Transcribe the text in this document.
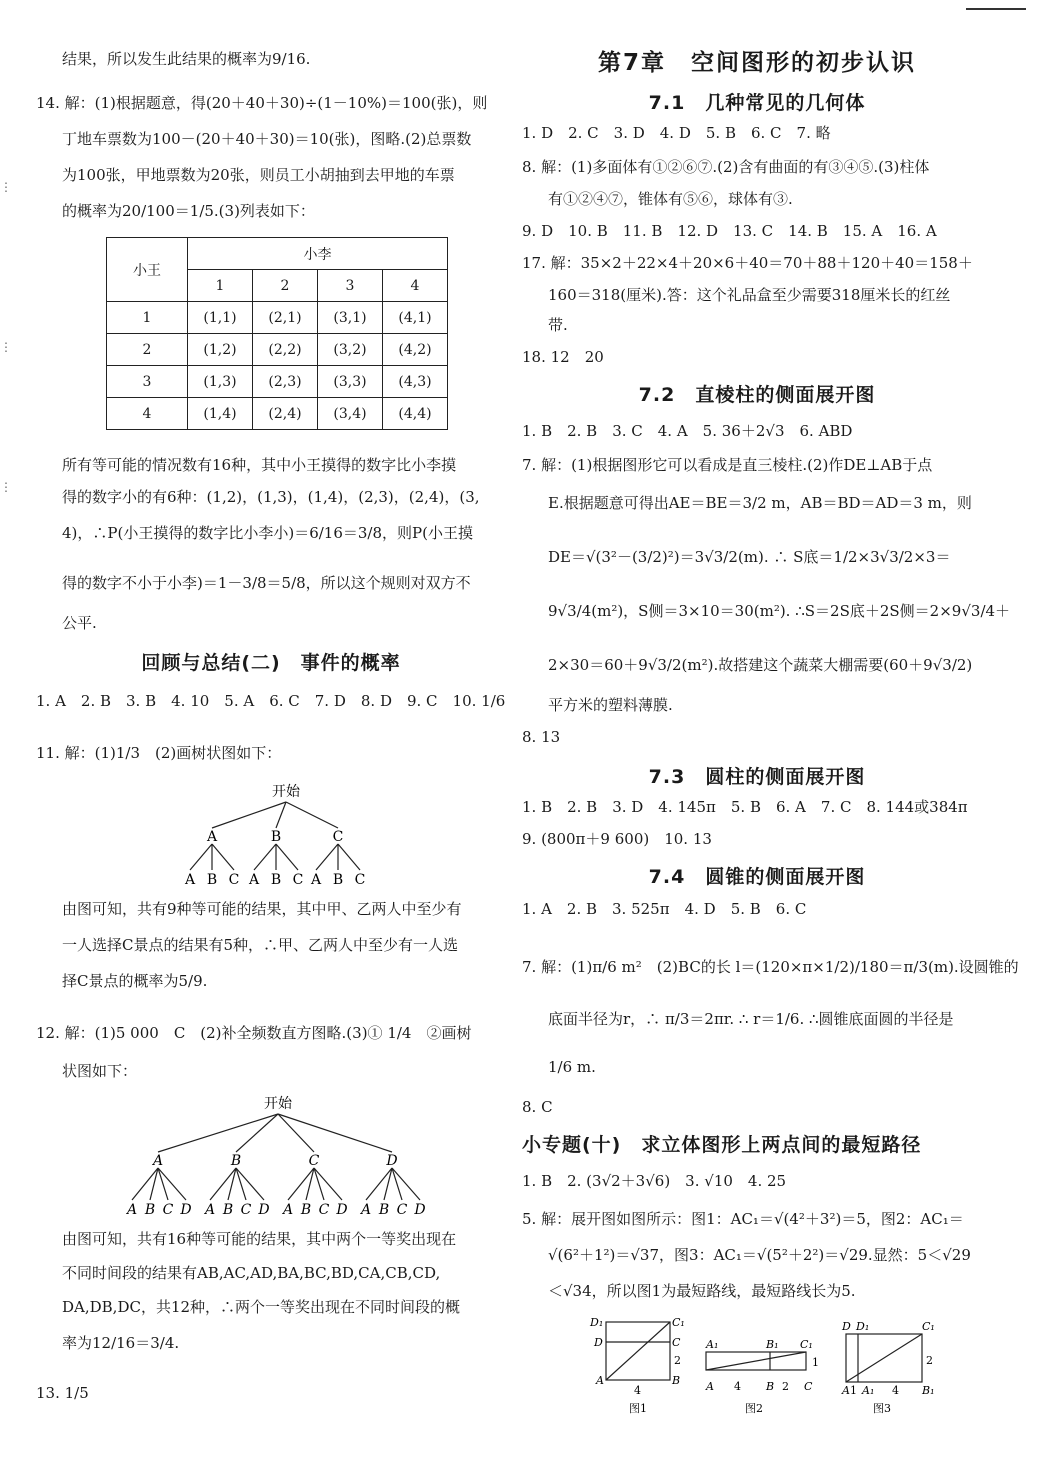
⋮
⋮
⋮
结果，所以发生此结果的概率为9/16.
14. 解：(1)根据题意，得(20＋40＋30)÷(1－10%)＝100(张)，则
丁地车票数为100－(20＋40＋30)＝10(张)，图略.(2)总票数
为100张，甲地票数为20张，则员工小胡抽到去甲地的车票
的概率为20/100＝1/5.(3)列表如下：
小王	小李			
	1	2	3	4
1	(1,1)	(2,1)	(3,1)	(4,1)
2	(1,2)	(2,2)	(3,2)	(4,2)
3	(1,3)	(2,3)	(3,3)	(4,3)
4	(1,4)	(2,4)	(3,4)	(4,4)
所有等可能的情况数有16种，其中小王摸得的数字比小李摸
得的数字小的有6种：(1,2)，(1,3)，(1,4)，(2,3)，(2,4)，(3,
4)，∴P(小王摸得的数字比小李小)＝6/16＝3/8，则P(小王摸
得的数字不小于小李)＝1－3/8＝5/8，所以这个规则对双方不
公平.
回顾与总结(二)　事件的概率
1. A　2. B　3. B　4. 10　5. A　6. C　7. D　8. D　9. C　10. 1/6
11. 解：(1)1/3　(2)画树状图如下：
开始
A	B	C
A B C A B C A B C
由图可知，共有9种等可能的结果，其中甲、乙两人中至少有
一人选择C景点的结果有5种，∴甲、乙两人中至少有一人选
择C景点的概率为5/9.
12. 解：(1)5 000　C　(2)补全频数直方图略.(3)① 1/4　②画树
状图如下：
开始
A	B	C	D
A B C D A B C D A B C D A B C D
由图可知，共有16种等可能的结果，其中两个一等奖出现在
不同时间段的结果有AB,AC,AD,BA,BC,BD,CA,CB,CD,
DA,DB,DC，共12种，∴两个一等奖出现在不同时间段的概
率为12/16＝3/4.
13. 1/5
第7章　空间图形的初步认识
7.1　几种常见的几何体
1. D　2. C　3. D　4. D　5. B　6. C　7. 略
8. 解：(1)多面体有①②⑥⑦.(2)含有曲面的有③④⑤.(3)柱体
有①②④⑦，锥体有⑤⑥，球体有③.
9. D　10. B　11. B　12. D　13. C　14. B　15. A　16. A
17. 解：35×2＋22×4＋20×6＋40＝70＋88＋120＋40＝158＋
160＝318(厘米).答：这个礼品盒至少需要318厘米长的红丝
带.
18. 12　20
7.2　直棱柱的侧面展开图
1. B　2. B　3. C　4. A　5. 36＋2√3　6. ABD
7. 解：(1)根据图形它可以看成是直三棱柱.(2)作DE⊥AB于点
E.根据题意可得出AE＝BE＝3/2 m，AB＝BD＝AD＝3 m，则
DE＝√(3²－(3/2)²)＝3√3/2(m). ∴ S底＝1/2×3√3/2×3＝
9√3/4(m²)，S侧＝3×10＝30(m²). ∴S＝2S底＋2S侧＝2×9√3/4＋
2×30＝60＋9√3/2(m²).故搭建这个蔬菜大棚需要(60＋9√3/2)
平方米的塑料薄膜.
8. 13
7.3　圆柱的侧面展开图
1. B　2. B　3. D　4. 145π　5. B　6. A　7. C　8. 144或384π
9. (800π＋9 600)　10. 13
7.4　圆锥的侧面展开图
1. A　2. B　3. 525π　4. D　5. B　6. C
7. 解：(1)π/6 m²　(2)BC的长 l＝(120×π×1/2)/180＝π/3(m).设圆锥的
底面半径为r，∴ π/3＝2πr. ∴ r＝1/6. ∴圆锥底面圆的半径是
1/6 m.
8. C
小专题(十)　求立体图形上两点间的最短路径
1. B　2. (3√2＋3√6)　3. √10　4. 25
5. 解：展开图如图所示：图1：AC₁＝√(4²＋3²)＝5，图2：AC₁＝
√(6²＋1²)＝√37，图3：AC₁＝√(5²＋2²)＝√29.显然：5＜√29
＜√34，所以图1为最短路线，最短路线长为5.
D₁	C₁
D	C
A	B
A₁	B₁ C₁
A	B	C
D D₁	C₁
A A₁	B₁
2
4	4	2
1
1	4
2
图1	图2	图3
